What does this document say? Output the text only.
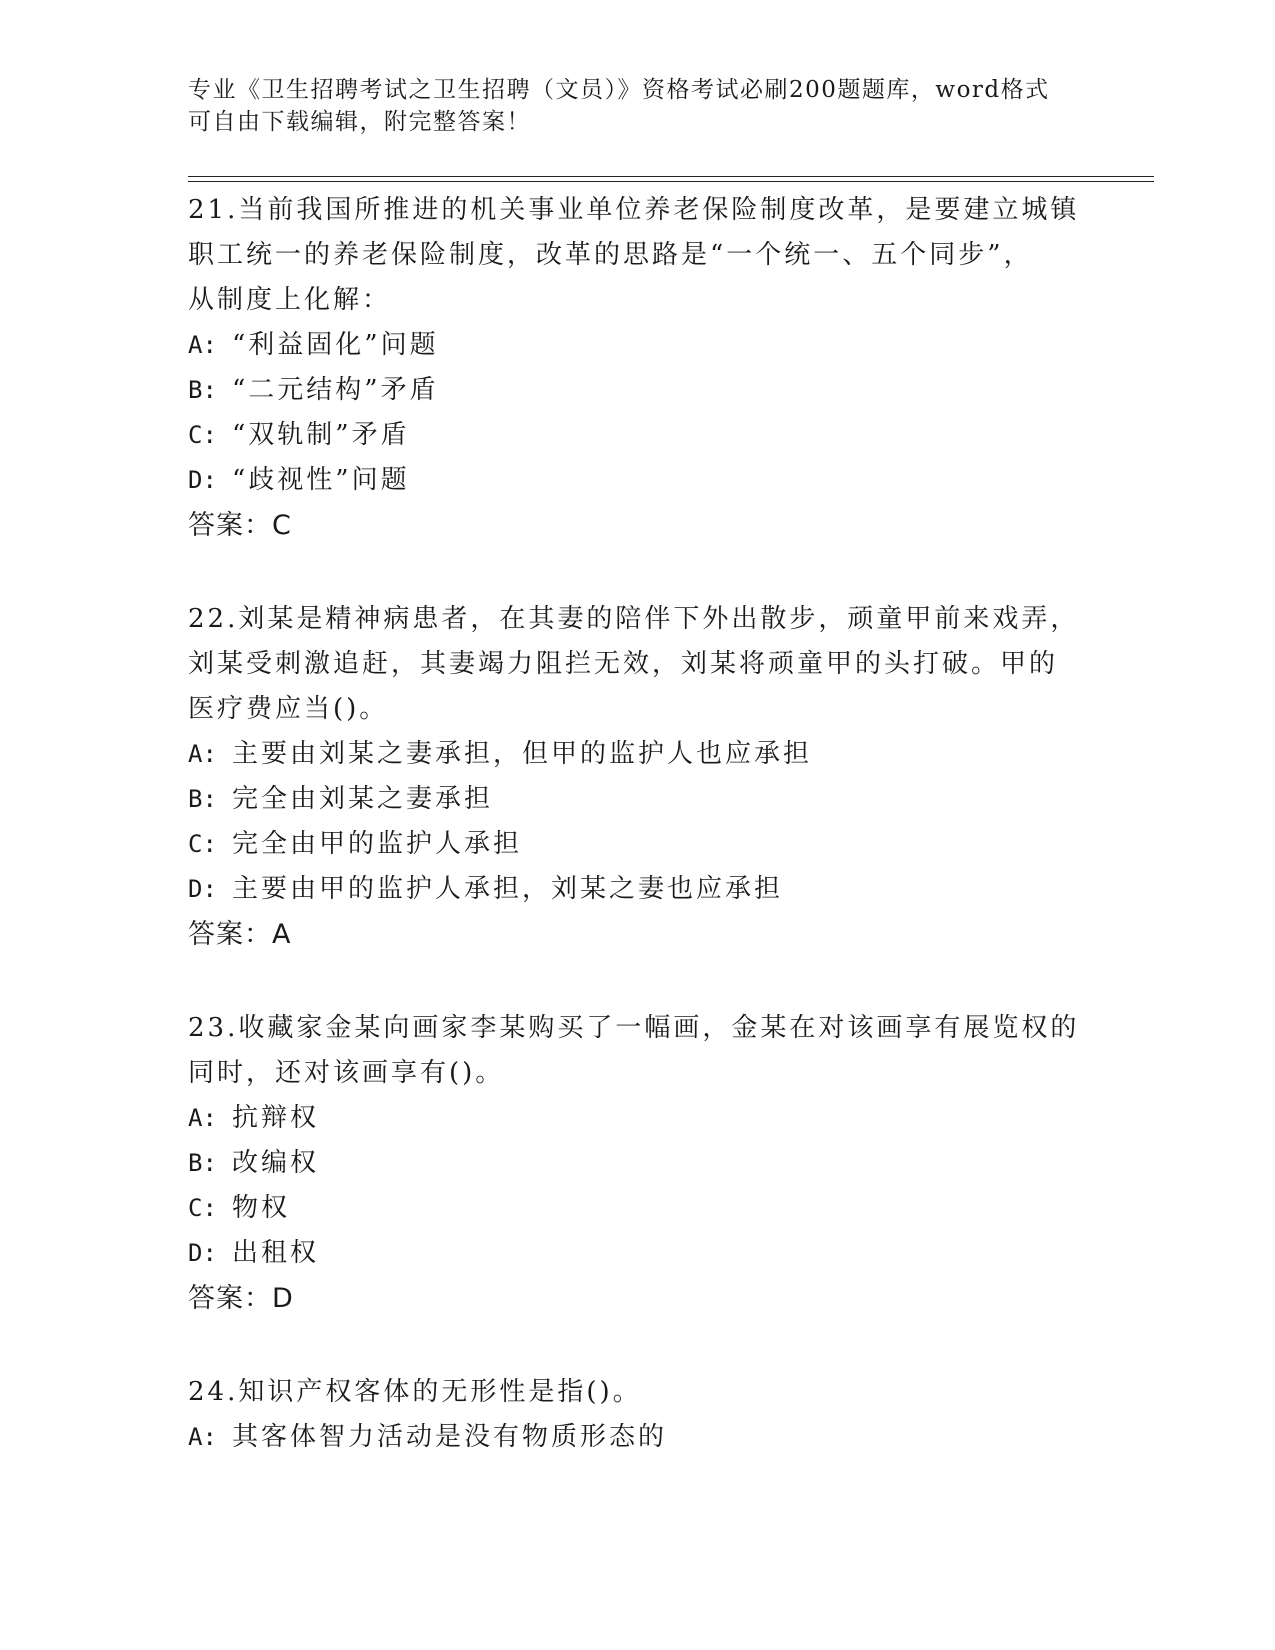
专业《卫生招聘考试之卫生招聘（文员）》资格考试必刷200题题库，word格式
可自由下载编辑，附完整答案！

21.当前我国所推进的机关事业单位养老保险制度改革，是要建立城镇

职工统一的养老保险制度，改革的思路是“一个统一、五个同步”，

从制度上化解：

A: “利益固化”问题

B: “二元结构”矛盾

C: “双轨制”矛盾

D: “歧视性”问题

答案：C

22.刘某是精神病患者，在其妻的陪伴下外出散步，顽童甲前来戏弄，

刘某受刺激追赶，其妻竭力阻拦无效，刘某将顽童甲的头打破。甲的

医疗费应当()。

A: 主要由刘某之妻承担，但甲的监护人也应承担

B: 完全由刘某之妻承担

C: 完全由甲的监护人承担

D: 主要由甲的监护人承担，刘某之妻也应承担

答案：A

23.收藏家金某向画家李某购买了一幅画，金某在对该画享有展览权的

同时，还对该画享有()。

A: 抗辩权

B: 改编权

C: 物权

D: 出租权

答案：D

24.知识产权客体的无形性是指()。

A: 其客体智力活动是没有物质形态的
